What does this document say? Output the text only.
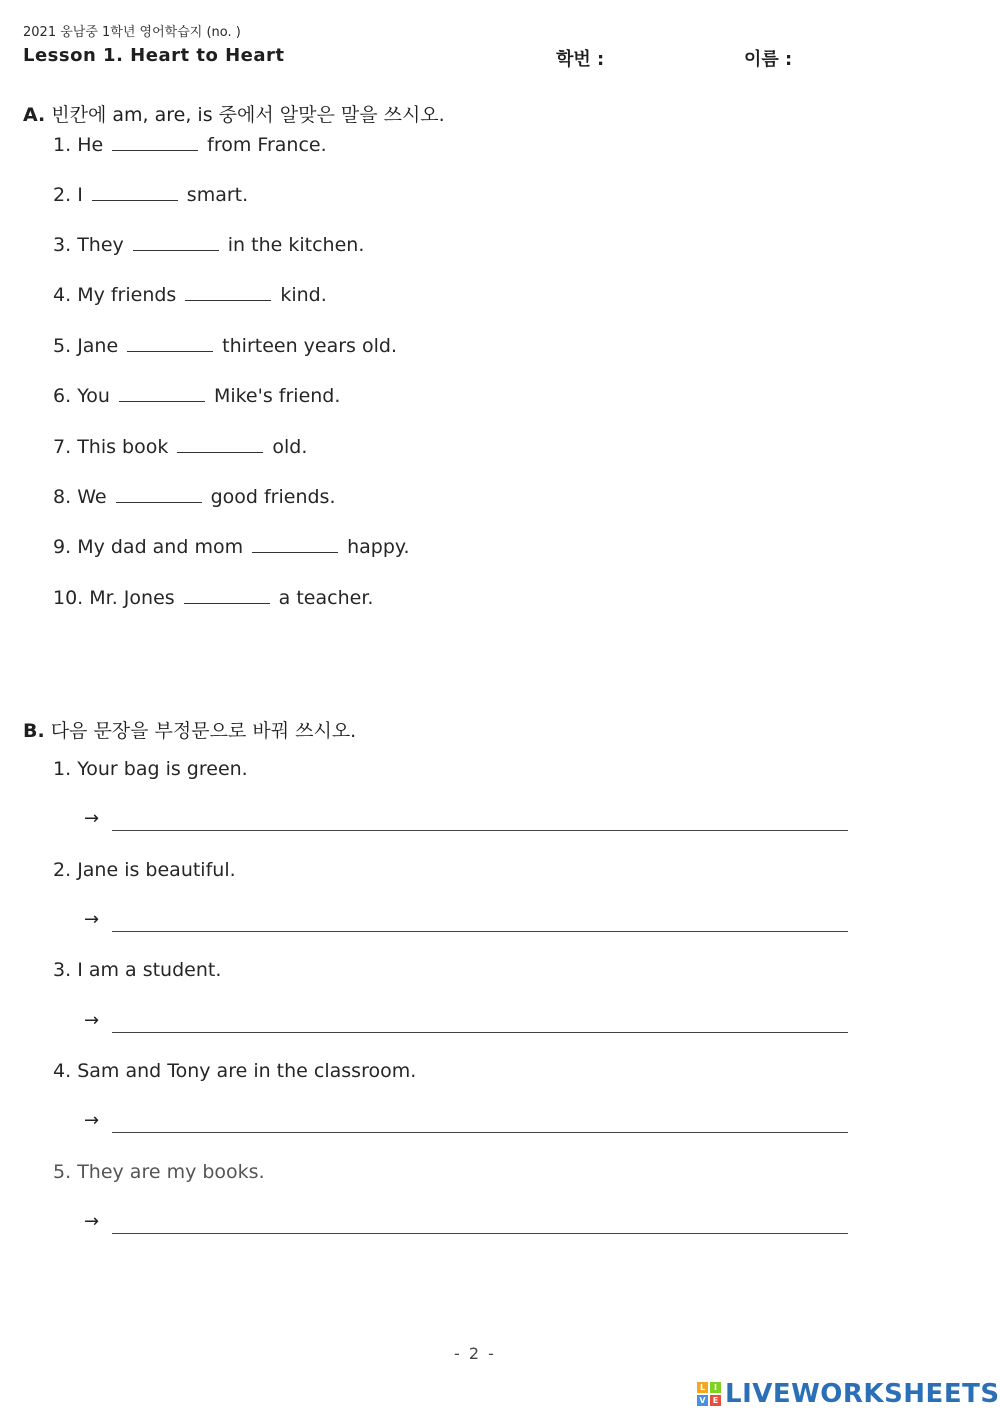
2021 웅남중 1학년 영어학습지 (no. )
Lesson 1. Heart to Heart	학번 :	이름 :
A. 빈칸에 am, are, is 중에서 알맞은 말을 쓰시오.
1. He	from France.
2. I	smart.
3. They	in the kitchen.
4. My friends	kind.
5. Jane	thirteen years old.
6. You	Mike's friend.
7. This book	old.
8. We	good friends.
9. My dad and mom	happy.
10. Mr. Jones	a teacher.
B. 다음 문장을 부정문으로 바꿔 쓰시오.
1. Your bag is green.
→
2. Jane is beautiful.
→
3. I am a student.
→
4. Sam and Tony are in the classroom.
→
5. They are my books.
→
- 2 -
L	I
V E LIVEWORKSHEETS
